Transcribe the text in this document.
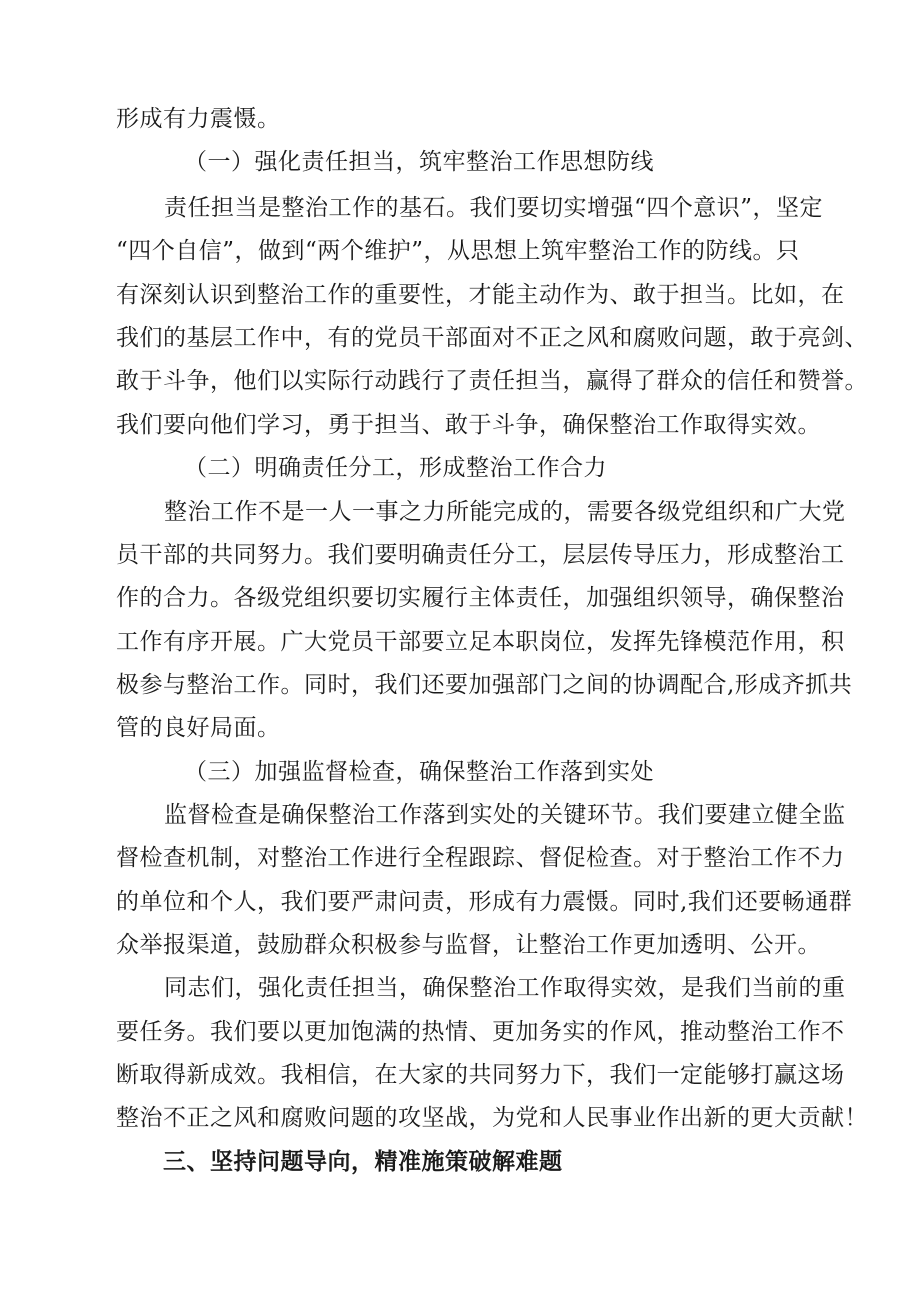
形成有力震慑。
（一）强化责任担当，筑牢整治工作思想防线
责任担当是整治工作的基石。我们要切实增强“四个意识”，坚定
“四个自信”，做到“两个维护”，从思想上筑牢整治工作的防线。只
有深刻认识到整治工作的重要性，才能主动作为、敢于担当。比如，在
我们的基层工作中，有的党员干部面对不正之风和腐败问题，敢于亮剑、
敢于斗争，他们以实际行动践行了责任担当，赢得了群众的信任和赞誉。
我们要向他们学习，勇于担当、敢于斗争，确保整治工作取得实效。
（二）明确责任分工，形成整治工作合力
整治工作不是一人一事之力所能完成的，需要各级党组织和广大党
员干部的共同努力。我们要明确责任分工，层层传导压力，形成整治工
作的合力。各级党组织要切实履行主体责任，加强组织领导，确保整治
工作有序开展。广大党员干部要立足本职岗位，发挥先锋模范作用，积
极参与整治工作。同时，我们还要加强部门之间的协调配合,形成齐抓共
管的良好局面。
（三）加强监督检查，确保整治工作落到实处
监督检查是确保整治工作落到实处的关键环节。我们要建立健全监
督检查机制，对整治工作进行全程跟踪、督促检查。对于整治工作不力
的单位和个人，我们要严肃问责，形成有力震慑。同时,我们还要畅通群
众举报渠道，鼓励群众积极参与监督，让整治工作更加透明、公开。
同志们，强化责任担当，确保整治工作取得实效，是我们当前的重
要任务。我们要以更加饱满的热情、更加务实的作风，推动整治工作不
断取得新成效。我相信，在大家的共同努力下，我们一定能够打赢这场
整治不正之风和腐败问题的攻坚战，为党和人民事业作出新的更大贡献！
三、坚持问题导向，精准施策破解难题
